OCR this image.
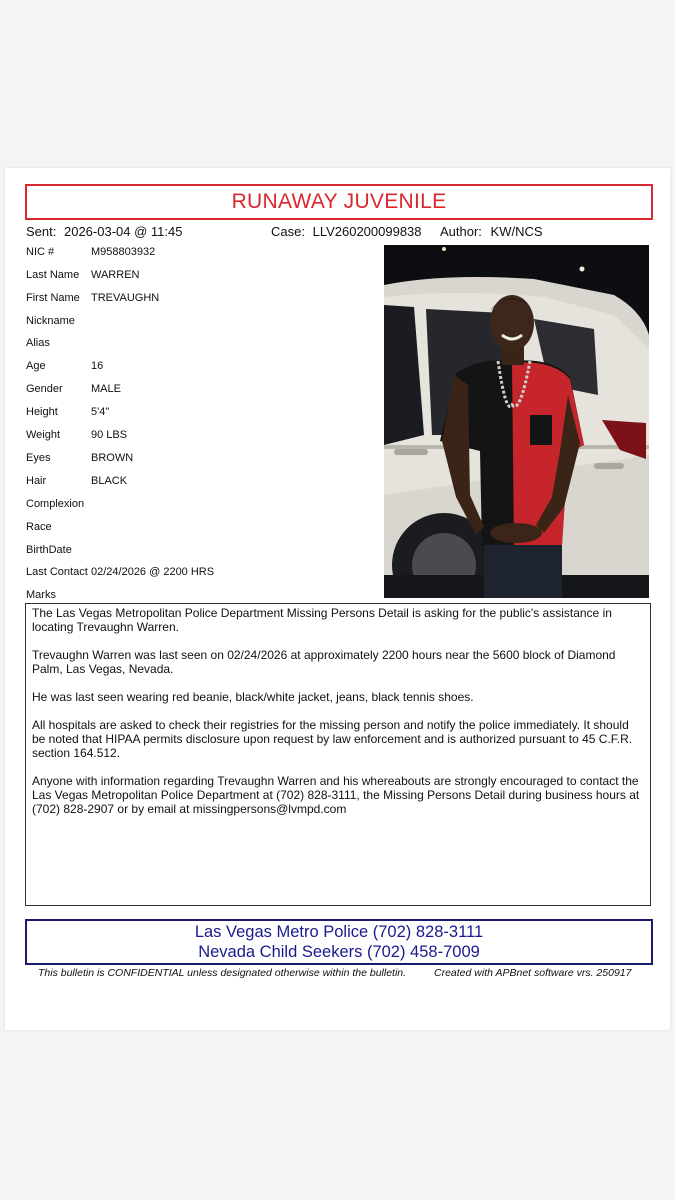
RUNAWAY JUVENILE
Sent: 2026-03-04 @ 11:45	Case: LLV260200099838 Author: KW/NCS
NIC #	M958803932
Last Name WARREN
First Name TREVAUGHN
Nickname
Alias
Age	16
Gender	MALE
Height	5'4"
Weight	90 LBS
Eyes	BROWN
Hair	BLACK
Complexion
Race
BirthDate
Last Contact 02/24/2026 @ 2200 HRS
Marks

The Las Vegas Metropolitan Police Department Missing Persons Detail is asking for the public's assistance in locating Trevaughn Warren.

Trevaughn Warren was last seen on 02/24/2026 at approximately 2200 hours near the 5600 block of Diamond Palm, Las Vegas, Nevada.

He was last seen wearing red beanie, black/white jacket, jeans, black tennis shoes.

All hospitals are asked to check their registries for the missing person and notify the police immediately. It should be noted that HIPAA permits disclosure upon request by law enforcement and is authorized pursuant to 45 C.F.R. section 164.512.

Anyone with information regarding Trevaughn Warren and his whereabouts are strongly encouraged to contact the Las Vegas Metropolitan Police Department at (702) 828-3111, the Missing Persons Detail during business hours at (702) 828-2907 or by email at missingpersons@lvmpd.com

Las Vegas Metro Police (702) 828-3111
Nevada Child Seekers (702) 458-7009
This bulletin is CONFIDENTIAL unless designated otherwise within the bulletin.	Created with APBnet software vrs. 250917
